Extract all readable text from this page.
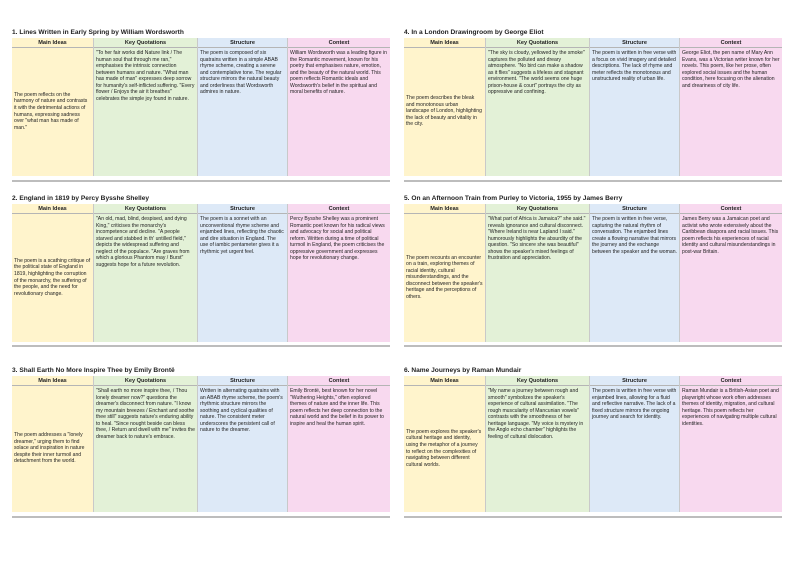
1. Lines Written in Early Spring by William Wordsworth
Main Ideas
The poem reflects on the harmony of nature and contrasts it with the detrimental actions of humans, expressing sadness over "what man has made of man."
Key Quotations
"To her fair works did Nature link / The human soul that through me ran," emphasises the intrinsic connection between humans and nature. "What man has made of man" expresses deep sorrow for humanity's self-inflicted suffering. "Every flower / Enjoys the air it breathes" celebrates the simple joy found in nature.
Structure
The poem is composed of six quatrains written in a simple ABAB rhyme scheme, creating a serene and contemplative tone. The regular structure mirrors the natural beauty and orderliness that Wordsworth admires in nature.
Context
William Wordsworth was a leading figure in the Romantic movement, known for his poetry that emphasises nature, emotion, and the beauty of the natural world. This poem reflects Romantic ideals and Wordsworth's belief in the spiritual and moral benefits of nature.
2. England in 1819 by Percy Bysshe Shelley
Main Ideas
The poem is a scathing critique of the political state of England in 1819, highlighting the corruption of the monarchy, the suffering of the people, and the need for revolutionary change.
Key Quotations
"An old, mad, blind, despised, and dying King," criticises the monarchy's incompetence and decline. "A people starved and stabbed in th' untilled field," depicts the widespread suffering and neglect of the populace. "Are graves from which a glorious Phantom may / Burst" suggests hope for a future revolution.
Structure
The poem is a sonnet with an unconventional rhyme scheme and enjambed lines, reflecting the chaotic and dire situation in England. The use of iambic pentameter gives it a rhythmic yet urgent feel.
Context
Percy Bysshe Shelley was a prominent Romantic poet known for his radical views and advocacy for social and political reform. Written during a time of political turmoil in England, the poem criticises the oppressive government and expresses hope for revolutionary change.
3. Shall Earth No More Inspire Thee by Emily Brontë
Main Ideas
The poem addresses a "lonely dreamer," urging them to find solace and inspiration in nature despite their inner turmoil and detachment from the world.
Key Quotations
"Shall earth no more inspire thee, / Thou lonely dreamer now?" questions the dreamer's disconnect from nature. "I know my mountain breezes / Enchant and soothe thee still" suggests nature's enduring ability to heal. "Since nought beside can bless thee, / Return and dwell with me" invites the dreamer back to nature's embrace.
Structure
Written in alternating quatrains with an ABAB rhyme scheme, the poem's rhythmic structure mirrors the soothing and cyclical qualities of nature. The consistent meter underscores the persistent call of nature to the dreamer.
Context
Emily Brontë, best known for her novel "Wuthering Heights," often explored themes of nature and the inner life. This poem reflects her deep connection to the natural world and the belief in its power to inspire and heal the human spirit.
4. In a London Drawingroom by George Eliot
Main Ideas
The poem describes the bleak and monotonous urban landscape of London, highlighting the lack of beauty and vitality in the city.
Key Quotations
"The sky is cloudy, yellowed by the smoke" captures the polluted and dreary atmosphere. "No bird can make a shadow as it flies" suggests a lifeless and stagnant environment. "The world seems one huge prison-house & court" portrays the city as oppressive and confining.
Structure
The poem is written in free verse with a focus on vivid imagery and detailed descriptions. The lack of rhyme and meter reflects the monotonous and unstructured reality of urban life.
Context
George Eliot, the pen name of Mary Ann Evans, was a Victorian writer known for her novels. This poem, like her prose, often explored social issues and the human condition, here focusing on the alienation and dreariness of city life.
5. On an Afternoon Train from Purley to Victoria, 1955 by James Berry
Main Ideas
The poem recounts an encounter on a train, exploring themes of racial identity, cultural misunderstandings, and the disconnect between the speaker's heritage and the perceptions of others.
Key Quotations
"What part of Africa is Jamaica?" she said." reveals ignorance and cultural disconnect. "Where Ireland is near Lapland I said." humorously highlights the absurdity of the question. "So sincere she was beautiful" shows the speaker's mixed feelings of frustration and appreciation.
Structure
The poem is written in free verse, capturing the natural rhythm of conversation. The enjambed lines create a flowing narrative that mirrors the journey and the exchange between the speaker and the woman.
Context
James Berry was a Jamaican poet and activist who wrote extensively about the Caribbean diaspora and racial issues. This poem reflects his experiences of racial identity and cultural misunderstandings in post-war Britain.
6. Name Journeys by Raman Mundair
Main Ideas
The poem explores the speaker's cultural heritage and identity, using the metaphor of a journey to reflect on the complexities of navigating between different cultural worlds.
Key Quotations
"My name a journey between rough and smooth" symbolizes the speaker's experience of cultural assimilation. "The rough muscularity of Mancunian vowels" contrasts with the smoothness of her heritage language. "My voice is mystery in the Anglo echo chamber" highlights the feeling of cultural dislocation.
Structure
The poem is written in free verse with enjambed lines, allowing for a fluid and reflective narrative. The lack of a fixed structure mirrors the ongoing journey and search for identity.
Context
Raman Mundair is a British-Asian poet and playwright whose work often addresses themes of identity, migration, and cultural heritage. This poem reflects her experiences of navigating multiple cultural identities.
